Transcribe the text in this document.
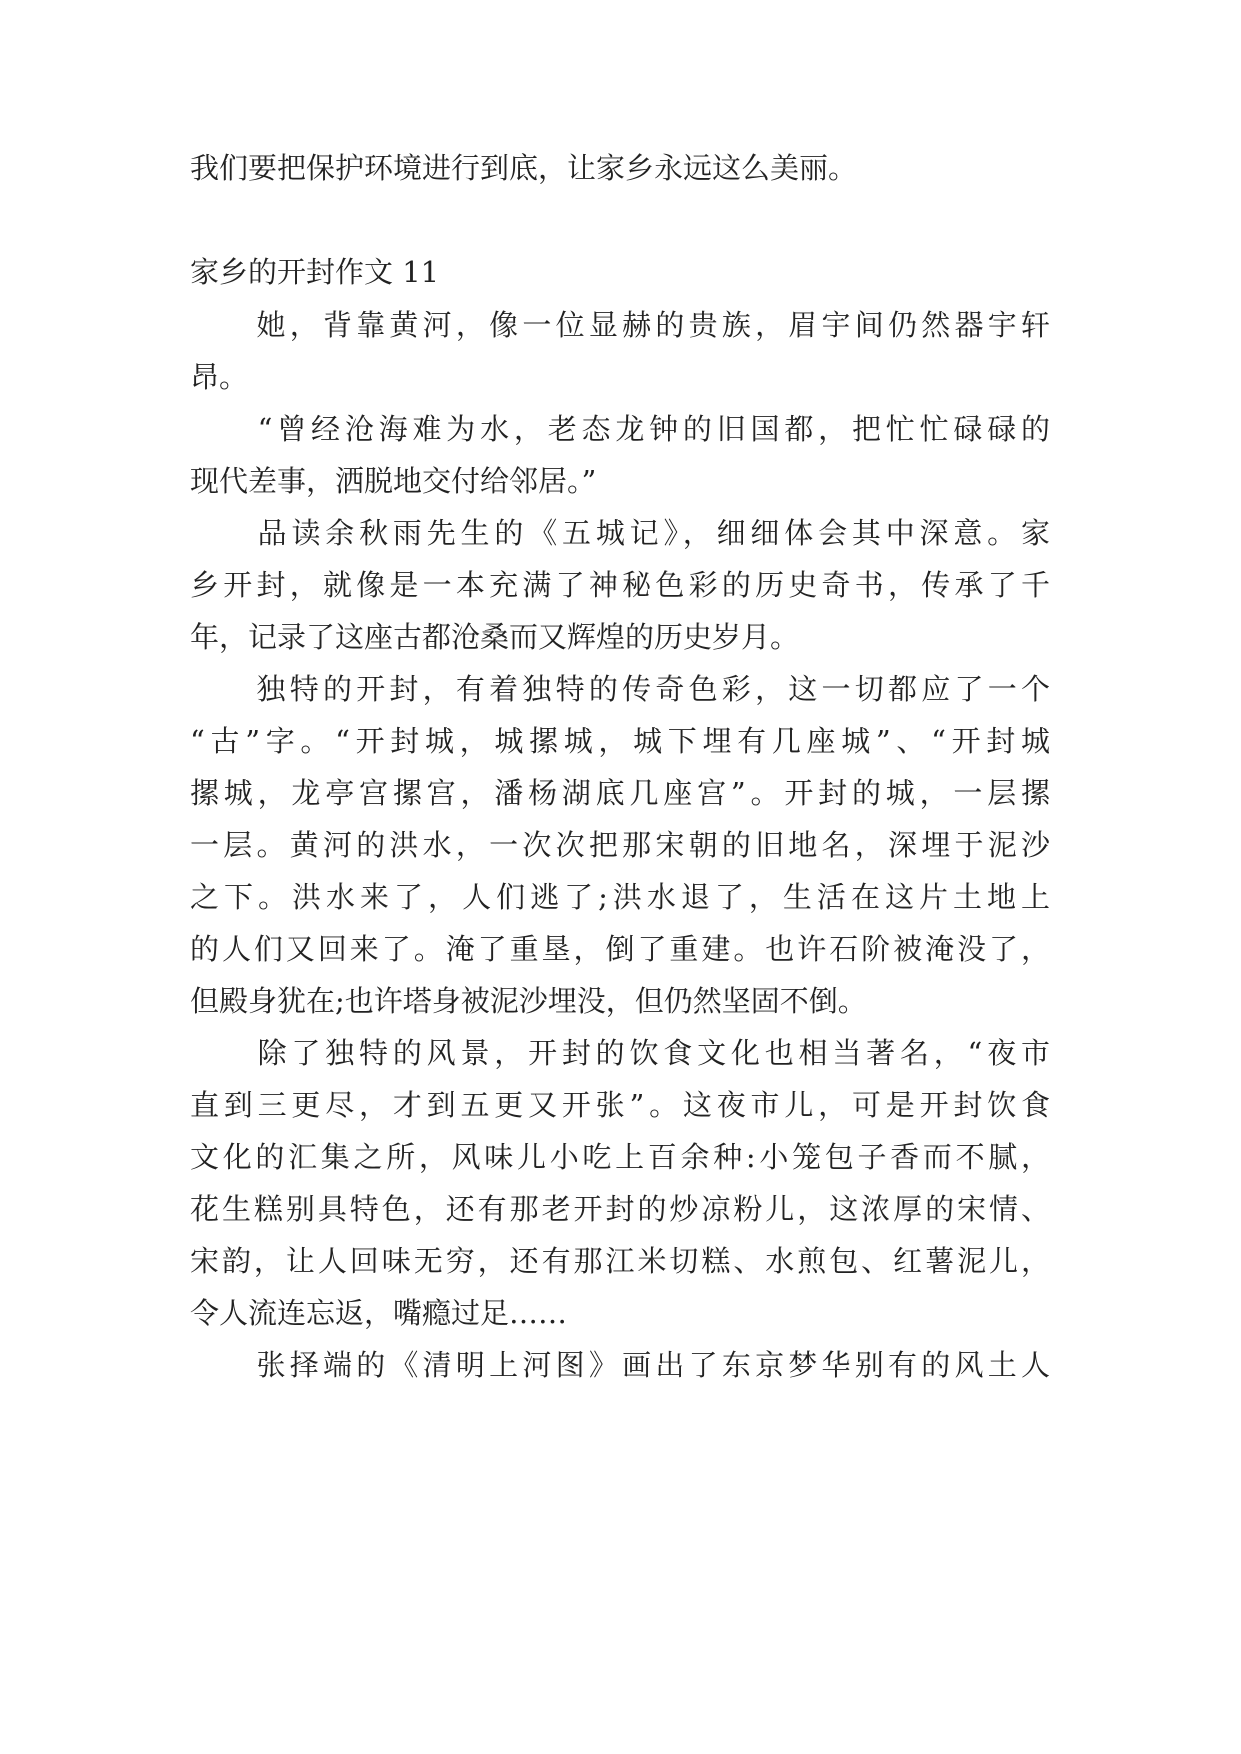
我们要把保护环境进行到底，让家乡永远这么美丽。
家乡的开封作文 11
　　她，背靠黄河，像一位显赫的贵族，眉宇间仍然器宇轩
昂。
　　“曾经沧海难为水，老态龙钟的旧国都，把忙忙碌碌的
现代差事，洒脱地交付给邻居。”
　　品读余秋雨先生的《五城记》，细细体会其中深意。家
乡开封，就像是一本充满了神秘色彩的历史奇书，传承了千
年，记录了这座古都沧桑而又辉煌的历史岁月。
　　独特的开封，有着独特的传奇色彩，这一切都应了一个
“古”字。“开封城，城摞城，城下埋有几座城”、“开封城
摞城，龙亭宫摞宫，潘杨湖底几座宫”。开封的城，一层摞
一层。黄河的洪水，一次次把那宋朝的旧地名，深埋于泥沙
之下。洪水来了，人们逃了;洪水退了，生活在这片土地上
的人们又回来了。淹了重垦，倒了重建。也许石阶被淹没了，
但殿身犹在;也许塔身被泥沙埋没，但仍然坚固不倒。
　　除了独特的风景，开封的饮食文化也相当著名，“夜市
直到三更尽，才到五更又开张”。这夜市儿，可是开封饮食
文化的汇集之所，风味儿小吃上百余种:小笼包子香而不腻，
花生糕别具特色，还有那老开封的炒凉粉儿，这浓厚的宋情、
宋韵，让人回味无穷，还有那江米切糕、水煎包、红薯泥儿，
令人流连忘返，嘴瘾过足……
　　张择端的《清明上河图》画出了东京梦华别有的风土人
